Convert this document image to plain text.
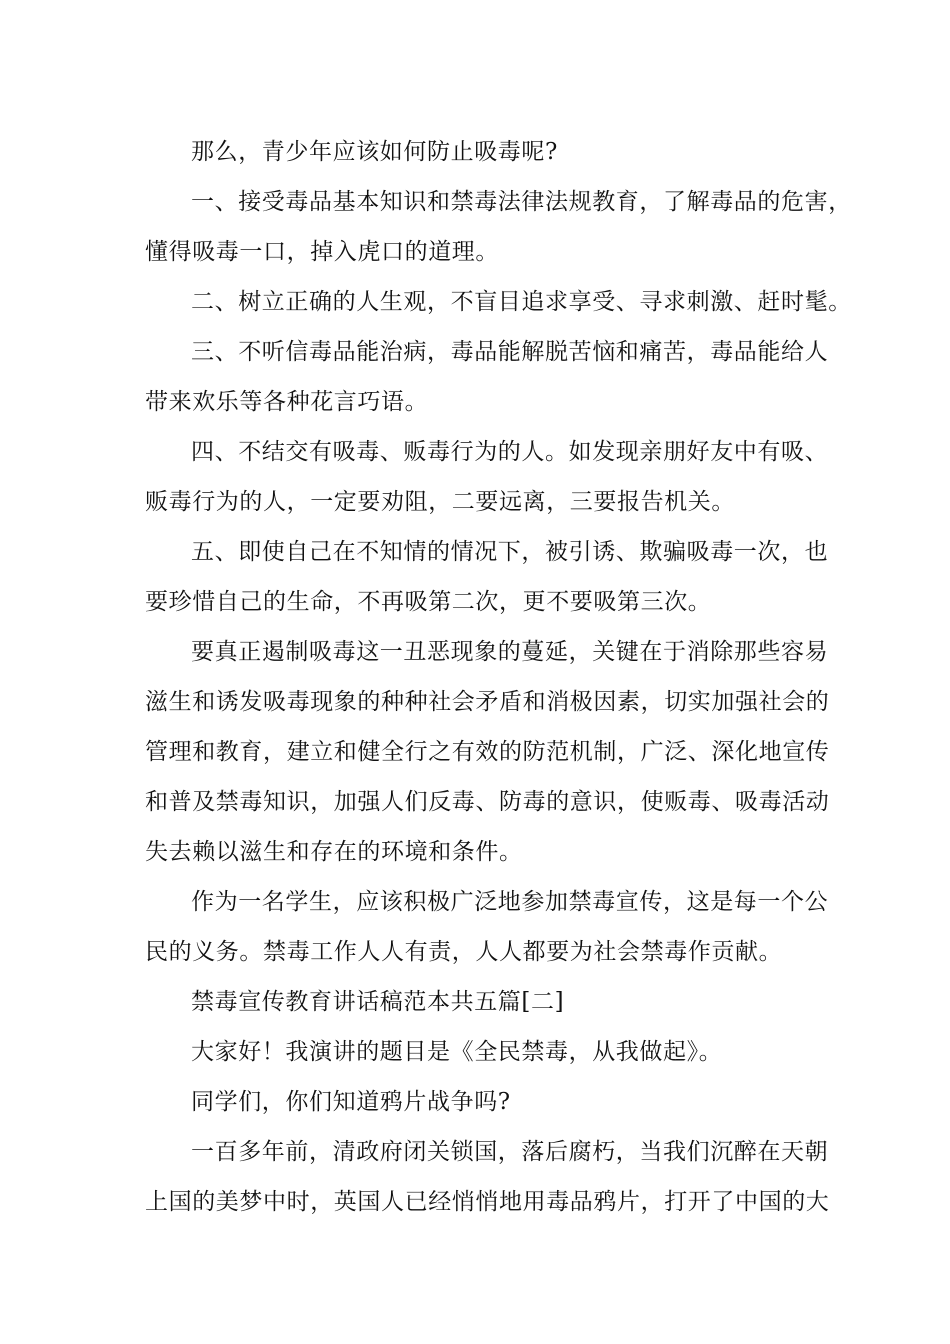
那么，青少年应该如何防止吸毒呢?
一、接受毒品基本知识和禁毒法律法规教育，了解毒品的危害，
懂得吸毒一口，掉入虎口的道理。
二、树立正确的人生观，不盲目追求享受、寻求刺激、赶时髦。
三、不听信毒品能治病，毒品能解脱苦恼和痛苦，毒品能给人
带来欢乐等各种花言巧语。
四、不结交有吸毒、贩毒行为的人。如发现亲朋好友中有吸、
贩毒行为的人，一定要劝阻，二要远离，三要报告机关。
五、即使自己在不知情的情况下，被引诱、欺骗吸毒一次，也
要珍惜自己的生命，不再吸第二次，更不要吸第三次。
要真正遏制吸毒这一丑恶现象的蔓延，关键在于消除那些容易
滋生和诱发吸毒现象的种种社会矛盾和消极因素，切实加强社会的
管理和教育，建立和健全行之有效的防范机制，广泛、深化地宣传
和普及禁毒知识，加强人们反毒、防毒的意识，使贩毒、吸毒活动
失去赖以滋生和存在的环境和条件。
作为一名学生，应该积极广泛地参加禁毒宣传，这是每一个公
民的义务。禁毒工作人人有责，人人都要为社会禁毒作贡献。
禁毒宣传教育讲话稿范本共五篇[二]
大家好！我演讲的题目是《全民禁毒，从我做起》。
同学们，你们知道鸦片战争吗?
一百多年前，清政府闭关锁国，落后腐朽，当我们沉醉在天朝
上国的美梦中时，英国人已经悄悄地用毒品鸦片，打开了中国的大
